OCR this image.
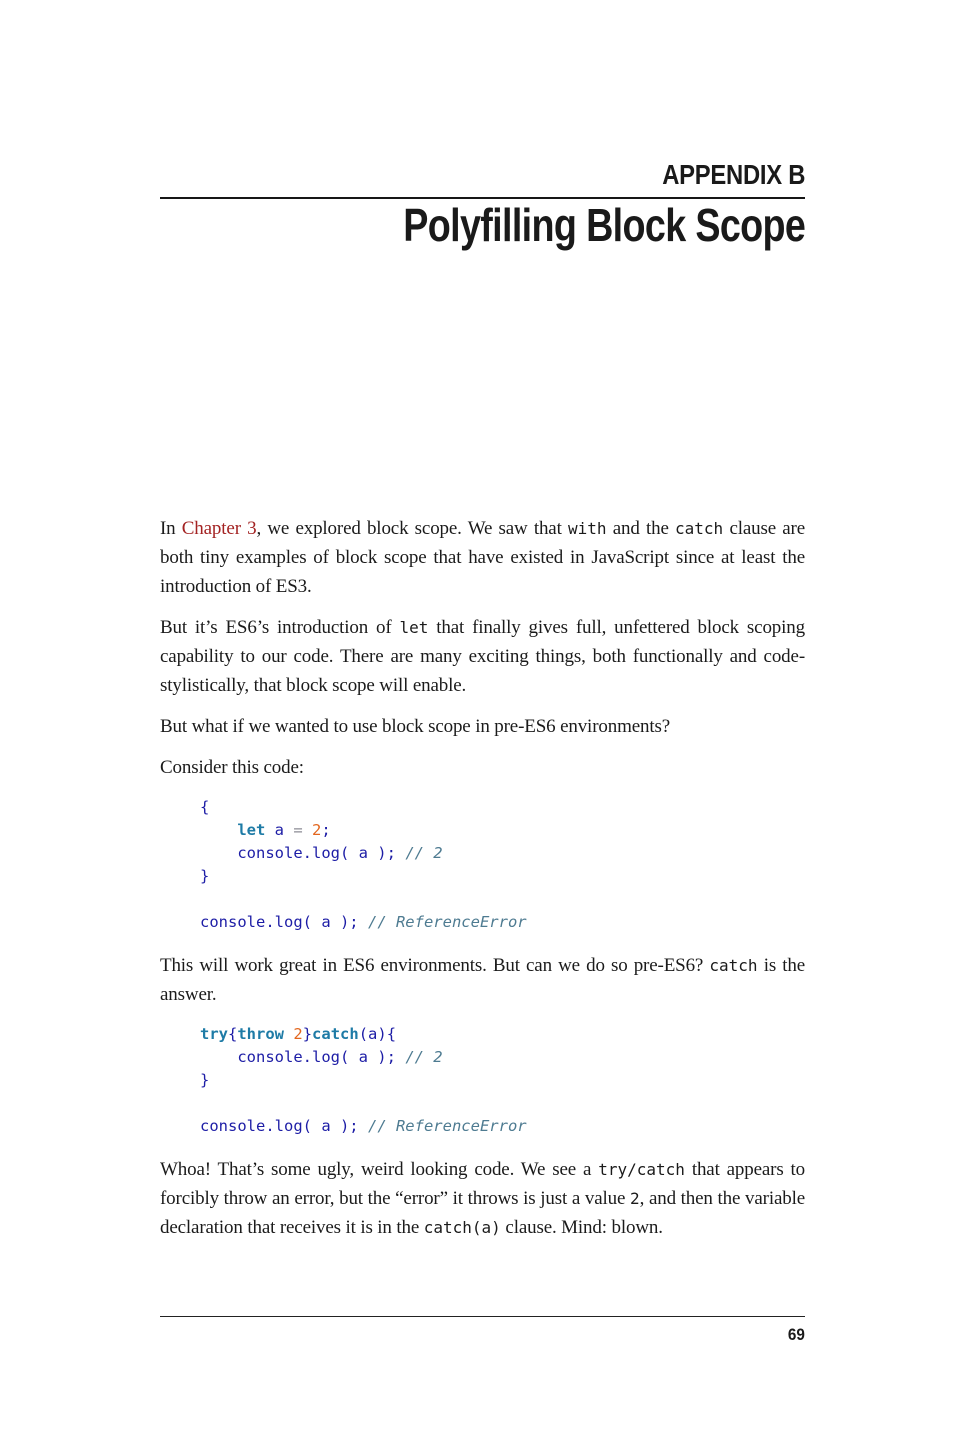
APPENDIX B
Polyfilling Block Scope

In Chapter 3, we explored block scope. We saw that with and the catch clause are both tiny examples of block scope that have existed in JavaScript since at least the introduction of ES3.

But it’s ES6’s introduction of let that finally gives full, unfettered block scoping capability to our code. There are many exciting things, both functionally and code-stylistically, that block scope will enable.

But what if we wanted to use block scope in pre-ES6 environments?

Consider this code:

{
let a = 2;
console.log( a ); // 2
}

console.log( a ); // ReferenceError

This will work great in ES6 environments. But can we do so pre-ES6? catch is the answer.

try{throw 2}catch(a){
console.log( a ); // 2
}

console.log( a ); // ReferenceError

Whoa! That’s some ugly, weird looking code. We see a try/catch that appears to forcibly throw an error, but the “error” it throws is just a value 2, and then the variable declaration that receives it is in the catch(a) clause. Mind: blown.

69
